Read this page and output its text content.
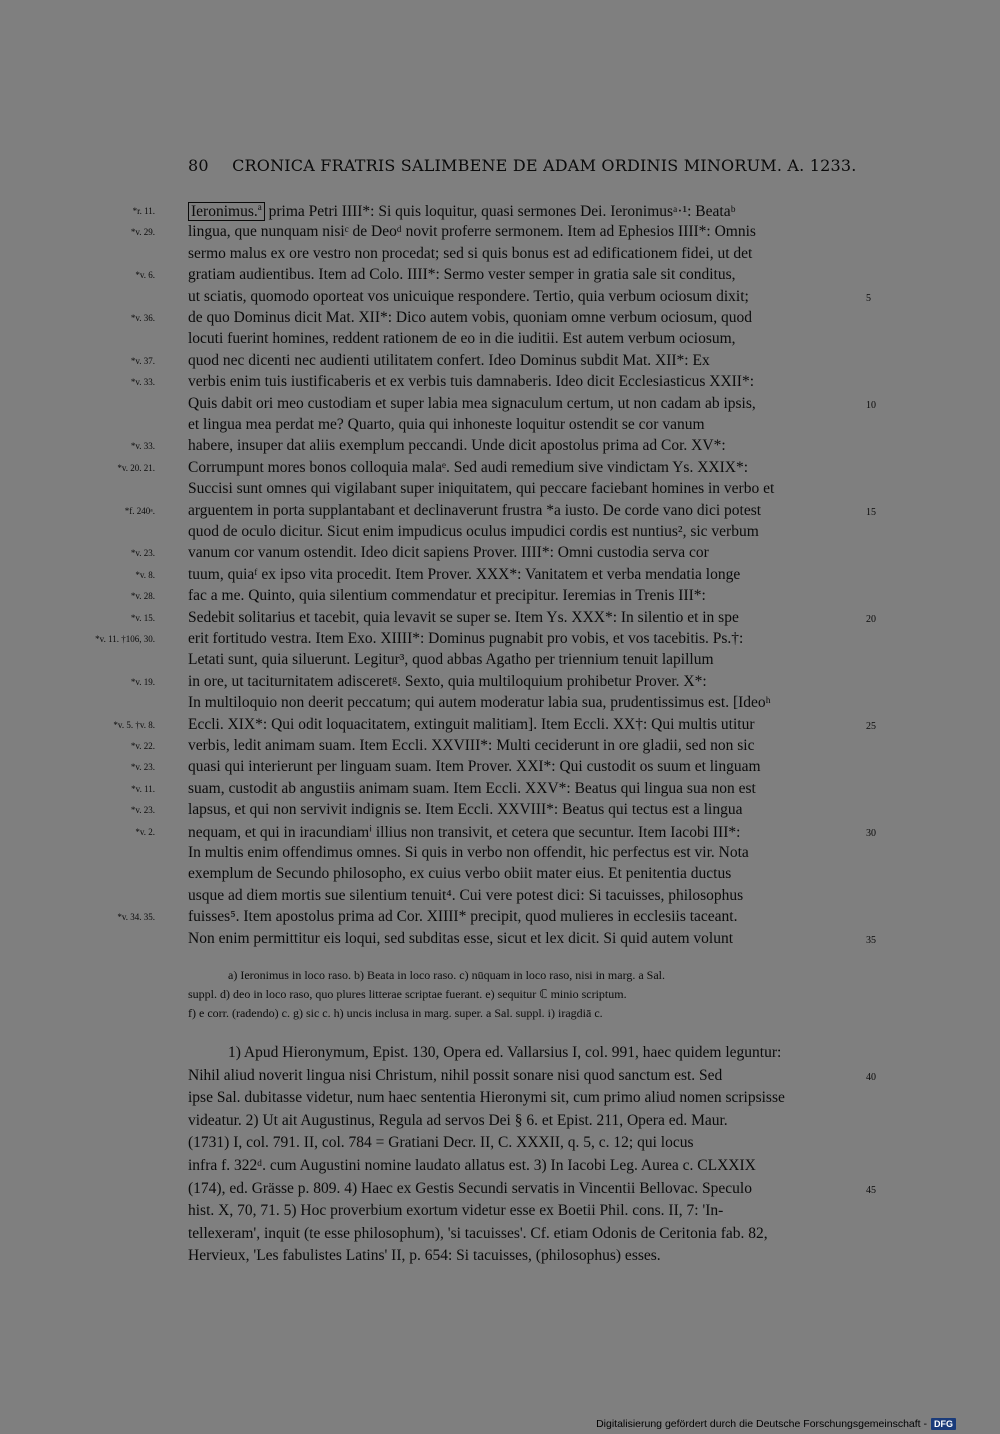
80 CRONICA FRATRIS SALIMBENE DE ADAM ORDINIS MINORUM. A. 1233.
Ieronimus.$^a$ prima Petri IIII*: Si quis loquitur, quasi sermones Dei. Ieronimusᵃ·¹: Beataᵇ
*r. 11.
lingua, que nunquam nisiᶜ de Deoᵈ novit proferre sermonem. Item ad Ephesios IIII*: Omnis
*v. 29.
sermo malus ex ore vestro non procedat; sed si quis bonus est ad edificationem fidei, ut det
gratiam audientibus. Item ad Colo. IIII*: Sermo vester semper in gratia sale sit conditus,
*v. 6.
ut sciatis, quomodo oporteat vos unicuique respondere. Tertio, quia verbum ociosum dixit;	5
de quo Dominus dicit Mat. XII*: Dico autem vobis, quoniam omne verbum ociosum, quod
*v. 36.
locuti fuerint homines, reddent rationem de eo in die iuditii. Est autem verbum ociosum,
quod nec dicenti nec audienti utilitatem confert. Ideo Dominus subdit Mat. XII*: Ex
*v. 37.
verbis enim tuis iustificaberis et ex verbis tuis damnaberis. Ideo dicit Ecclesiasticus XXII*:
*v. 33.
Quis dabit ori meo custodiam et super labia mea signaculum certum, ut non cadam ab ipsis,	10
et lingua mea perdat me? Quarto, quia qui inhoneste loquitur ostendit se cor vanum
habere, insuper dat aliis exemplum peccandi. Unde dicit apostolus prima ad Cor. XV*:
*v. 33.
Corrumpunt mores bonos colloquia malaᵉ. Sed audi remedium sive vindictam Ys. XXIX*:
*v. 20. 21.
Succisi sunt omnes qui vigilabant super iniquitatem, qui peccare faciebant homines in verbo et
arguentem in porta supplantabant et declinaverunt frustra *a iusto. De corde vano dici potest
*f. 240ᵃ.	15
quod de oculo dicitur. Sicut enim impudicus oculus impudici cordis est nuntius², sic verbum
vanum cor vanum ostendit. Ideo dicit sapiens Prover. IIII*: Omni custodia serva cor
*v. 23.
tuum, quiaᶠ ex ipso vita procedit. Item Prover. XXX*: Vanitatem et verba mendatia longe
*v. 8.
fac a me. Quinto, quia silentium commendatur et precipitur. Ieremias in Trenis III*:
*v. 28.
Sedebit solitarius et tacebit, quia levavit se super se. Item Ys. XXX*: In silentio et in spe
*v. 15.	20
erit fortitudo vestra. Item Exo. XIIII*: Dominus pugnabit pro vobis, et vos tacebitis. Ps.†:
*v. 11. †106, 30.
Letati sunt, quia siluerunt. Legitur³, quod abbas Agatho per triennium tenuit lapillum
in ore, ut taciturnitatem adisceretᵍ. Sexto, quia multiloquium prohibetur Prover. X*:
*v. 19.
In multiloquio non deerit peccatum; qui autem moderatur labia sua, prudentissimus est. [Ideoʰ
Eccli. XIX*: Qui odit loquacitatem, extinguit malitiam]. Item Eccli. XX†: Qui multis utitur
*v. 5. †v. 8.	25
verbis, ledit animam suam. Item Eccli. XXVIII*: Multi ceciderunt in ore gladii, sed non sic
*v. 22.
quasi qui interierunt per linguam suam. Item Prover. XXI*: Qui custodit os suum et linguam
*v. 23.
suam, custodit ab angustiis animam suam. Item Eccli. XXV*: Beatus qui lingua sua non est
*v. 11.
lapsus, et qui non servivit indignis se. Item Eccli. XXVIII*: Beatus qui tectus est a lingua
*v. 23.
nequam, et qui in iracundiamⁱ illius non transivit, et cetera que secuntur. Item Iacobi III*:
*v. 2.	30
In multis enim offendimus omnes. Si quis in verbo non offendit, hic perfectus est vir. Nota
exemplum de Secundo philosopho, ex cuius verbo obiit mater eius. Et penitentia ductus
usque ad diem mortis sue silentium tenuit⁴. Cui vere potest dici: Si tacuisses, philosophus
fuisses⁵. Item apostolus prima ad Cor. XIIII* precipit, quod mulieres in ecclesiis taceant.
*v. 34. 35.
Non enim permittitur eis loqui, sed subditas esse, sicut et lex dicit. Si quid autem volunt	35
a) Ieronimus in loco raso. b) Beata in loco raso. c) nūquam in loco raso, nisi in marg. a Sal.
suppl. d) deo in loco raso, quo plures litterae scriptae fuerant. e) sequitur ℂ minio scriptum.
f) e corr. (radendo) c. g) sic c. h) uncis inclusa in marg. super. a Sal. suppl. i) iragdiā c.
1) Apud Hieronymum, Epist. 130, Opera ed. Vallarsius I, col. 991, haec quidem leguntur:
Nihil aliud noverit lingua nisi Christum, nihil possit sonare nisi quod sanctum est. Sed	40
ipse Sal. dubitasse videtur, num haec sententia Hieronymi sit, cum primo aliud nomen scripsisse
videatur. 2) Ut ait Augustinus, Regula ad servos Dei § 6. et Epist. 211, Opera ed. Maur.
(1731) I, col. 791. II, col. 784 = Gratiani Decr. II, C. XXXII, q. 5, c. 12; qui locus
infra f. 322ᵈ. cum Augustini nomine laudato allatus est. 3) In Iacobi Leg. Aurea c. CLXXIX
(174), ed. Grässe p. 809. 4) Haec ex Gestis Secundi servatis in Vincentii Bellovac. Speculo	45
hist. X, 70, 71. 5) Hoc proverbium exortum videtur esse ex Boetii Phil. cons. II, 7: 'In-
tellexeram', inquit (te esse philosophum), 'si tacuisses'. Cf. etiam Odonis de Ceritonia fab. 82,
Hervieux, 'Les fabulistes Latins' II, p. 654: Si tacuisses, (philosophus) esses.
Digitalisierung gefördert durch die Deutsche Forschungsgemeinschaft - DFG
